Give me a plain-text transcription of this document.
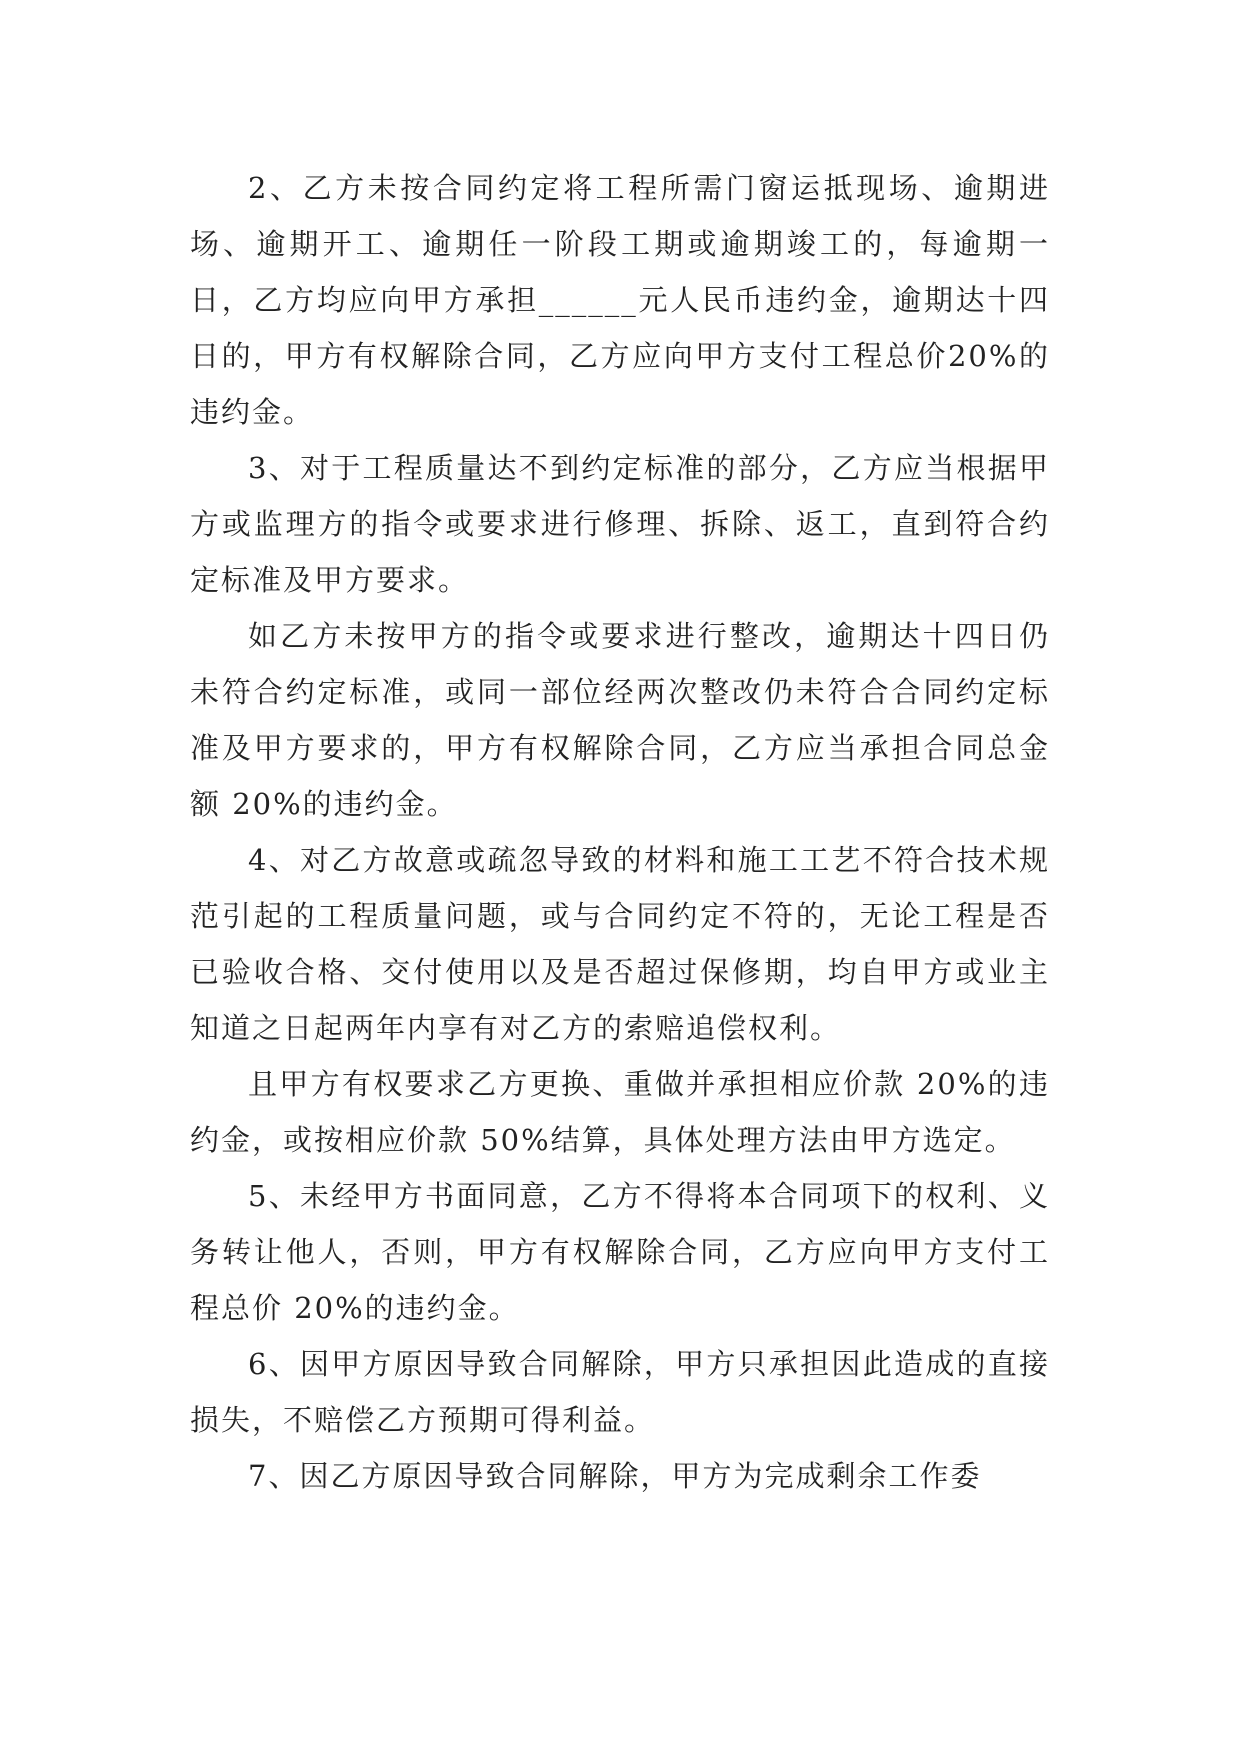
2、乙方未按合同约定将工程所需门窗运抵现场、逾期进场、逾期开工、逾期任一阶段工期或逾期竣工的，每逾期一日，乙方均应向甲方承担______元人民币违约金，逾期达十四日的，甲方有权解除合同，乙方应向甲方支付工程总价20%的违约金。

3、对于工程质量达不到约定标准的部分，乙方应当根据甲方或监理方的指令或要求进行修理、拆除、返工，直到符合约定标准及甲方要求。

如乙方未按甲方的指令或要求进行整改，逾期达十四日仍未符合约定标准，或同一部位经两次整改仍未符合合同约定标准及甲方要求的，甲方有权解除合同，乙方应当承担合同总金额 20%的违约金。

4、对乙方故意或疏忽导致的材料和施工工艺不符合技术规范引起的工程质量问题，或与合同约定不符的，无论工程是否已验收合格、交付使用以及是否超过保修期，均自甲方或业主知道之日起两年内享有对乙方的索赔追偿权利。

且甲方有权要求乙方更换、重做并承担相应价款 20%的违约金，或按相应价款 50%结算，具体处理方法由甲方选定。

5、未经甲方书面同意，乙方不得将本合同项下的权利、义务转让他人，否则，甲方有权解除合同，乙方应向甲方支付工程总价 20%的违约金。

6、因甲方原因导致合同解除，甲方只承担因此造成的直接损失，不赔偿乙方预期可得利益。

7、因乙方原因导致合同解除，甲方为完成剩余工作委
